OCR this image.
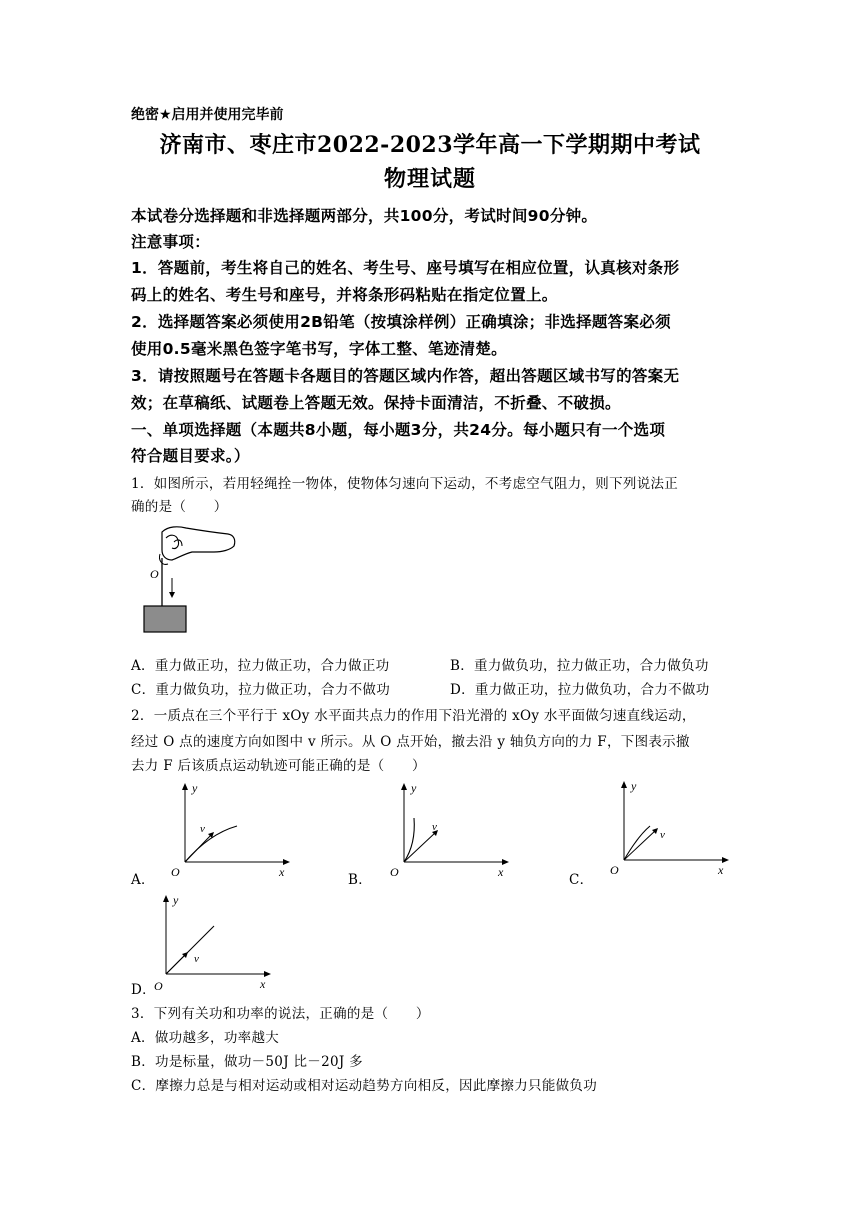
绝密★启用并使用完毕前
济南市、枣庄市2022-2023学年高一下学期期中考试
物理试题
本试卷分选择题和非选择题两部分，共100分，考试时间90分钟。
注意事项：
1．答题前，考生将自己的姓名、考生号、座号填写在相应位置，认真核对条形
码上的姓名、考生号和座号，并将条形码粘贴在指定位置上。
2．选择题答案必须使用2B铅笔（按填涂样例）正确填涂；非选择题答案必须
使用0.5毫米黑色签字笔书写，字体工整、笔迹清楚。
3．请按照题号在答题卡各题目的答题区域内作答，超出答题区域书写的答案无
效；在草稿纸、试题卷上答题无效。保持卡面清洁，不折叠、不破损。
一、单项选择题（本题共8小题，每小题3分，共24分。每小题只有一个选项
符合题目要求。）
1．如图所示，若用轻绳拴一物体，使物体匀速向下运动，不考虑空气阻力，则下列说法正
确的是（　　）
O
A．重力做正功，拉力做正功，合力做正功	B．重力做负功，拉力做正功，合力做负功
C．重力做负功，拉力做正功，合力不做功	D．重力做正功，拉力做负功，合力不做功
2．一质点在三个平行于 xOy 水平面共点力的作用下沿光滑的 xOy 水平面做匀速直线运动，
经过 O 点的速度方向如图中 v 所示。从 O 点开始，撤去沿 y 轴负方向的力 F，下图表示撤
去力 F 后该质点运动轨迹可能正确的是（　　）
A．
y
x
O
v
B．
y
x
O
v
C．
y
x
O
v
D．
y
x
O
v
3．下列有关功和功率的说法，正确的是（　　）
A．做功越多，功率越大
B．功是标量，做功－50J 比－20J 多
C．摩擦力总是与相对运动或相对运动趋势方向相反，因此摩擦力只能做负功
